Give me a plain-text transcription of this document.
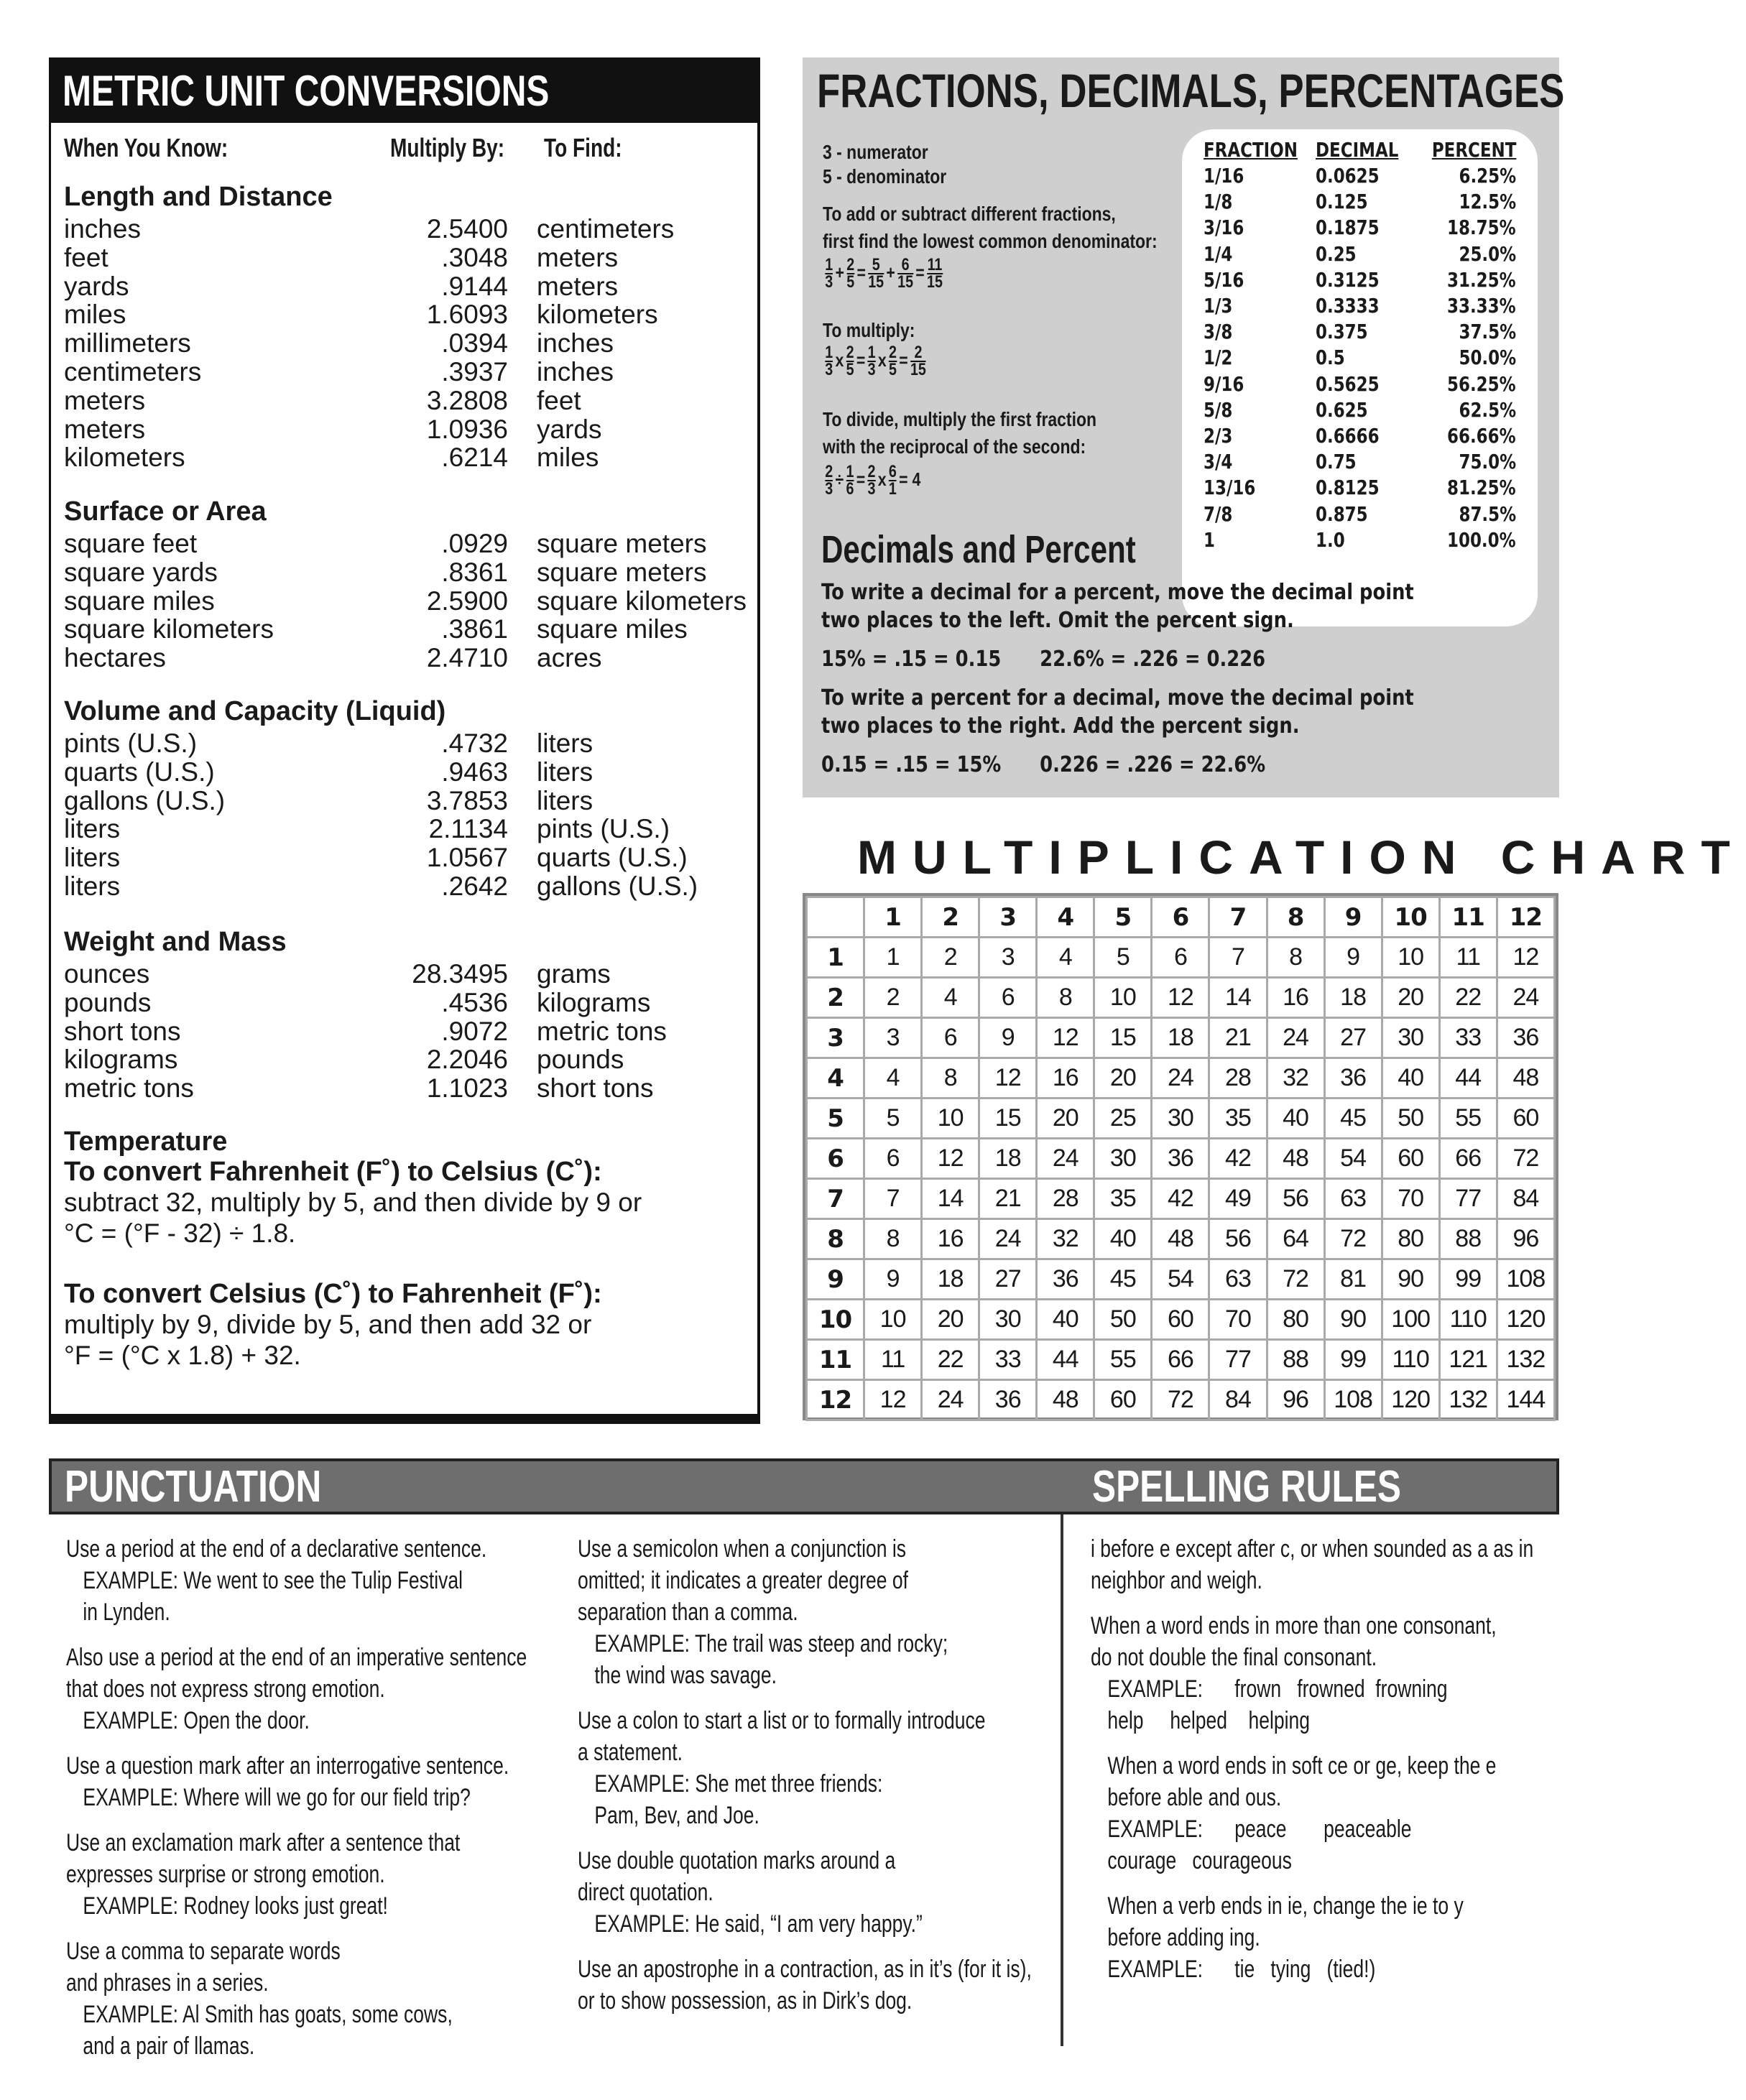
METRIC UNIT CONVERSIONS
When You Know:	Multiply By: To Find:
Length and Distance
inches	2.5400 centimeters
feet	.3048 meters
yards	.9144 meters
miles	1.6093 kilometers
millimeters	.0394 inches
centimeters	.3937 inches
meters	3.2808 feet
meters	1.0936 yards
kilometers	.6214 miles
Surface or Area
square feet	.0929 square meters
square yards	.8361 square meters
square miles	2.5900 square kilometers
square kilometers	.3861 square miles
hectares	2.4710 acres
Volume and Capacity (Liquid)
pints (U.S.)	.4732 liters
quarts (U.S.)	.9463 liters
gallons (U.S.)	3.7853 liters
liters	2.1134 pints (U.S.)
liters	1.0567 quarts (U.S.)
liters	.2642 gallons (U.S.)
Weight and Mass
ounces	28.3495 grams
pounds	.4536 kilograms
short tons	.9072 metric tons
kilograms	2.2046 pounds
metric tons	1.1023 short tons
Temperature
To convert Fahrenheit (F˚) to Celsius (C˚):
subtract 32, multiply by 5, and then divide by 9 or
°C = (°F - 32) ÷ 1.8.
To convert Celsius (C˚) to Fahrenheit (F˚):
multiply by 9, divide by 5, and then add 32 or
°F = (°C x 1.8) + 32.
FRACTIONS, DECIMALS, PERCENTAGES
3 - numerator
5 - denominator
To add or subtract different fractions,
first find the lowest common denominator:
1
3 + 2
5 = 5
15 + 6
15 = 11
15
To multiply:
1
3 x 2
5 = 1
3 x 2
5 = 2
15
To divide, multiply the first fraction
with the reciprocal of the second:
2
3 ÷ 1
6 = 2
3 x 6
1 = 4
FRACTION DECIMAL PERCENT
1/16	0.0625	6.25%
1/8	0.125	12.5%
3/16	0.1875	18.75%
1/4	0.25	25.0%
5/16	0.3125	31.25%
1/3	0.3333	33.33%
3/8	0.375	37.5%
1/2	0.5	50.0%
9/16	0.5625	56.25%
5/8	0.625	62.5%
2/3	0.6666	66.66%
3/4	0.75	75.0%
13/16	0.8125	81.25%
7/8	0.875	87.5%
1	1.0	100.0%
Decimals and Percent
To write a decimal for a percent, move the decimal point
two places to the left. Omit the percent sign.
15% = .15 = 0.15      22.6% = .226 = 0.226
To write a percent for a decimal, move the decimal point
two places to the right. Add the percent sign.
0.15 = .15 = 15%      0.226 = .226 = 22.6%
MULTIPLICATION CHART
	1	2	3	4	5	6	7	8	9	10	11	12
1	1	2	3	4	5	6	7	8	9	10	11	12
2	2	4	6	8	10	12	14	16	18	20	22	24
3	3	6	9	12	15	18	21	24	27	30	33	36
4	4	8	12	16	20	24	28	32	36	40	44	48
5	5	10	15	20	25	30	35	40	45	50	55	60
6	6	12	18	24	30	36	42	48	54	60	66	72
7	7	14	21	28	35	42	49	56	63	70	77	84
8	8	16	24	32	40	48	56	64	72	80	88	96
9	9	18	27	36	45	54	63	72	81	90	99	108
10	10	20	30	40	50	60	70	80	90	100	110	120
11	11	22	33	44	55	66	77	88	99	110	121	132
12	12	24	36	48	60	72	84	96	108	120	132	144
PUNCTUATION	SPELLING RULES
Use a period at the end of a declarative sentence.
EXAMPLE: We went to see the Tulip Festival
in Lynden.
Also use a period at the end of an imperative sentence
that does not express strong emotion.
EXAMPLE: Open the door.
Use a question mark after an interrogative sentence.
EXAMPLE: Where will we go for our field trip?
Use an exclamation mark after a sentence that
expresses surprise or strong emotion.
EXAMPLE: Rodney looks just great!
Use a comma to separate words
and phrases in a series.
EXAMPLE: Al Smith has goats, some cows,
and a pair of llamas.
Use a semicolon when a conjunction is
omitted; it indicates a greater degree of
separation than a comma.
EXAMPLE: The trail was steep and rocky;
the wind was savage.
Use a colon to start a list or to formally introduce
a statement.
EXAMPLE: She met three friends:
Pam, Bev, and Joe.
Use double quotation marks around a
direct quotation.
EXAMPLE: He said, “I am very happy.”
Use an apostrophe in a contraction, as in it’s (for it is),
or to show possession, as in Dirk’s dog.
i before e except after c, or when sounded as a as in
neighbor and weigh.
When a word ends in more than one consonant,
do not double the final consonant.
EXAMPLE:      frown   frowned  frowning
help     helped    helping
When a word ends in soft ce or ge, keep the e
before able and ous.
EXAMPLE:      peace       peaceable
courage   courageous
When a verb ends in ie, change the ie to y
before adding ing.
EXAMPLE:      tie   tying   (tied!)
